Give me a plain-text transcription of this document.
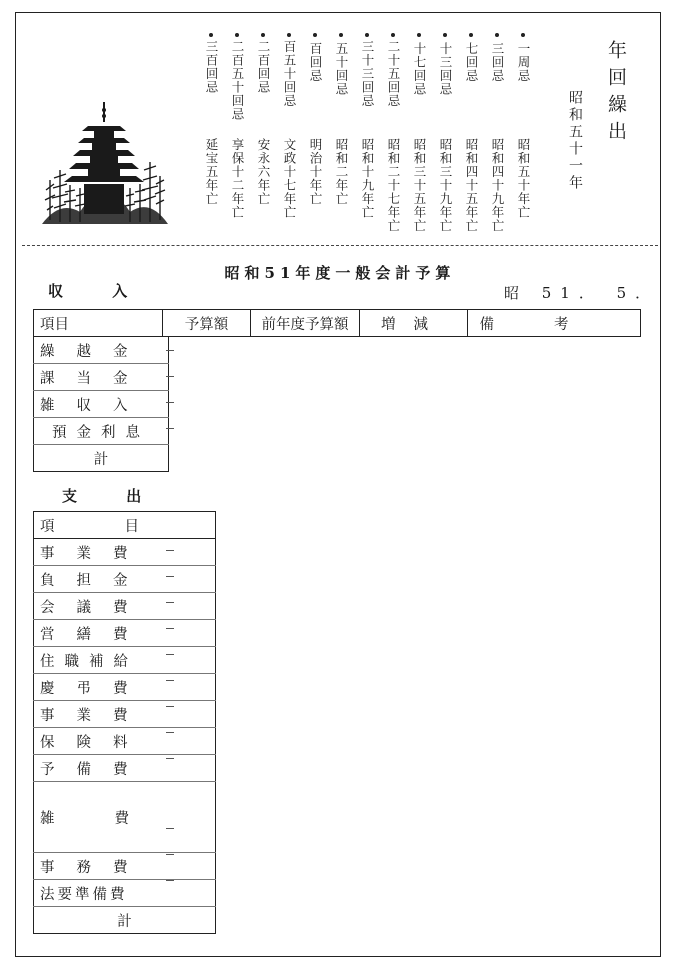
年回繰出
昭和五十一年
一周忌
昭和五十年亡
三回忌
昭和四十九年亡
七回忌
昭和四十五年亡
十三回忌
昭和三十九年亡
十七回忌
昭和三十五年亡
二十五回忌
昭和二十七年亡
三十三回忌
昭和十九年亡
五十回忌
昭和二年亡
百回忌
明治十年亡
百五十回忌
文政十七年亡
二百回忌
安永六年亡
二百五十回忌
享保十二年亡
三百回忌
延宝五年亡
昭和51年度一般会計予算
収 入	昭 51． 5．
項目	予算額	前年度予算額	増減	備考
繰越金
課当金
雑収入
預金利息
計
支 出
項目
事業費
負担金
会議費
営繕費
住職補給
慶弔費
事業費
保険料
予備費
雑費
事務費
法要準備費
計
